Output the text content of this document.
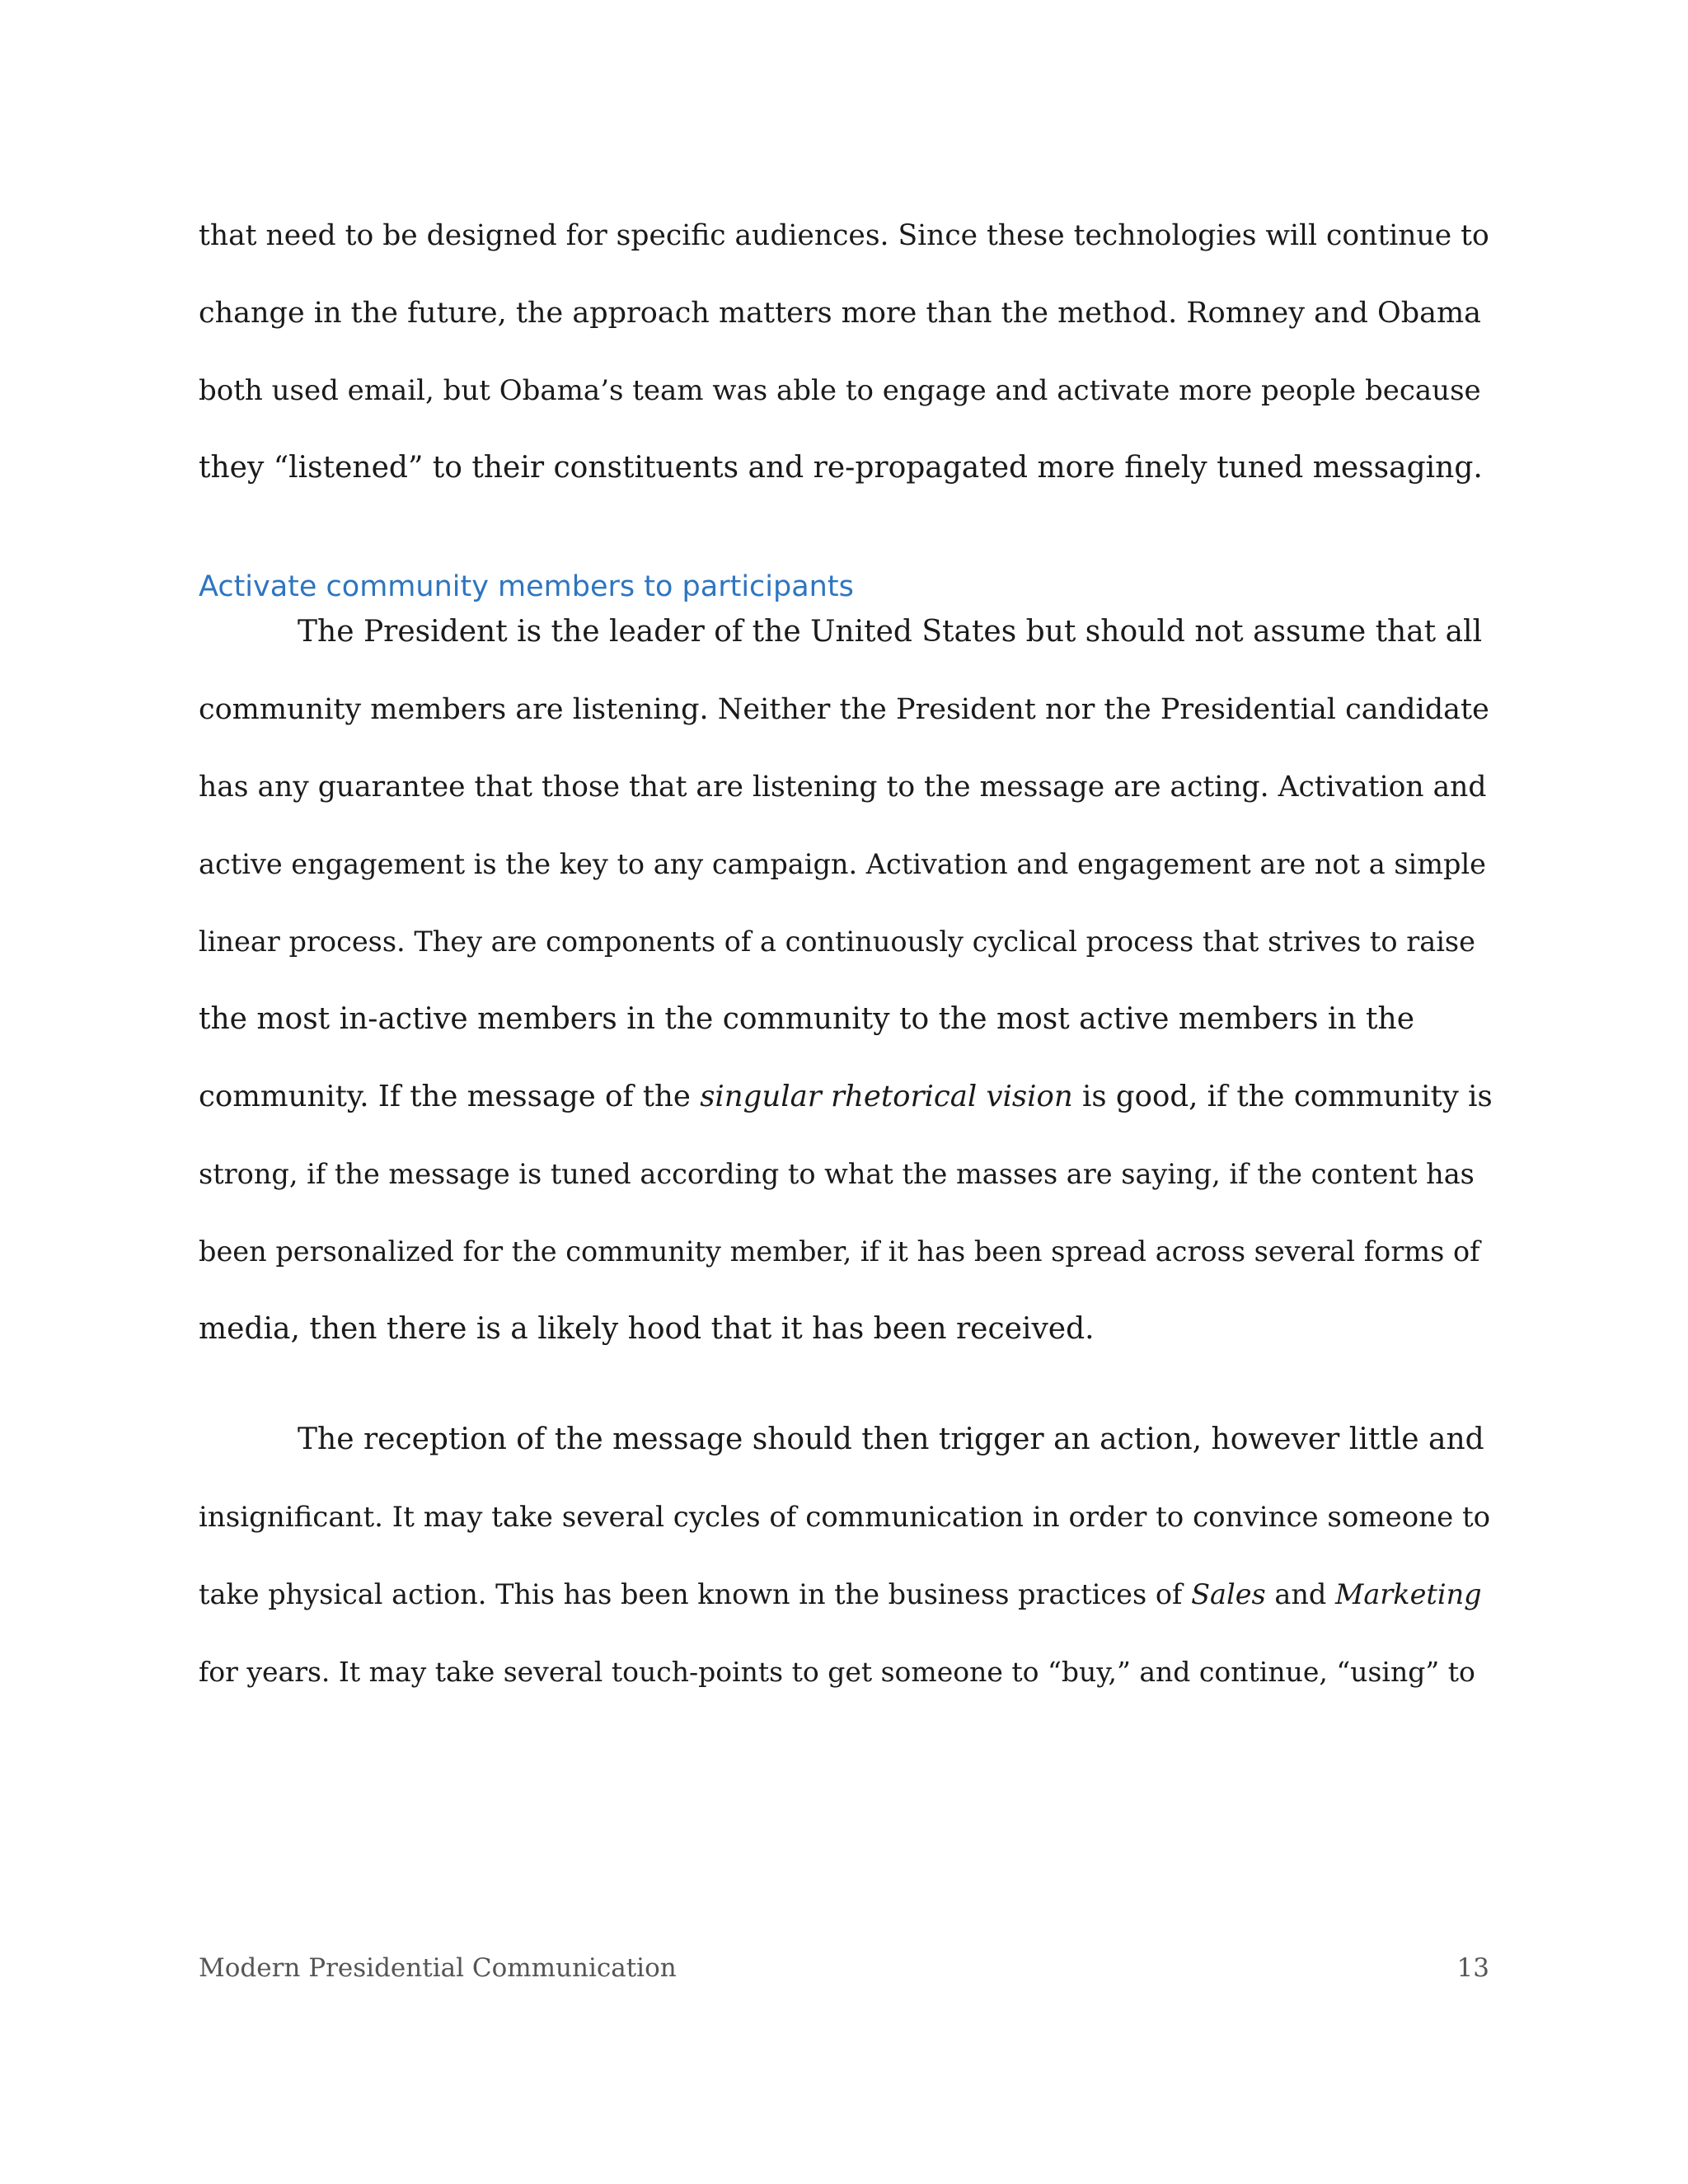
that need to be designed for specific audiences. Since these technologies will continue to
change in the future, the approach matters more than the method. Romney and Obama
both used email, but Obama’s team was able to engage and activate more people because
they “listened” to their constituents and re-propagated more finely tuned messaging.
Activate community members to participants
The President is the leader of the United States but should not assume that all
community members are listening. Neither the President nor the Presidential candidate
has any guarantee that those that are listening to the message are acting. Activation and
active engagement is the key to any campaign. Activation and engagement are not a simple
linear process. They are components of a continuously cyclical process that strives to raise
the most in-active members in the community to the most active members in the
community. If the message of the singular rhetorical vision is good, if the community is
strong, if the message is tuned according to what the masses are saying, if the content has
been personalized for the community member, if it has been spread across several forms of
media, then there is a likely hood that it has been received.
The reception of the message should then trigger an action, however little and
insignificant. It may take several cycles of communication in order to convince someone to
take physical action. This has been known in the business practices of Sales and Marketing
for years. It may take several touch-points to get someone to “buy,” and continue, “using” to
Modern Presidential Communication	13
